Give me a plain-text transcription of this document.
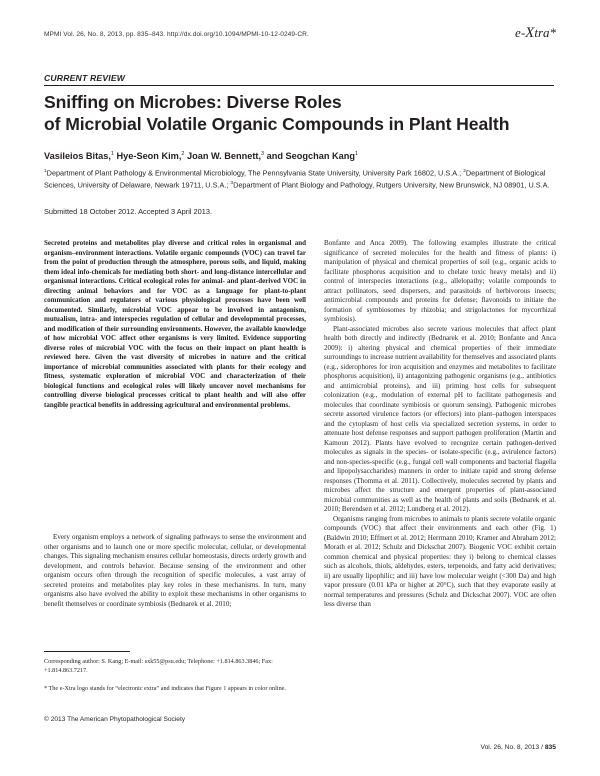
MPMI Vol. 26, No. 8, 2013, pp. 835–843. http://dx.doi.org/10.1094/MPMI-10-12-0249-CR.	e-Xtra*
CURRENT REVIEW
Sniffing on Microbes: Diverse Roles
of Microbial Volatile Organic Compounds in Plant Health
Vasileios Bitas,$^1$ Hye-Seon Kim,$^2$ Joan W. Bennett,$^3$ and Seogchan Kang$^1$
$^1$Department of Plant Pathology & Environmental Microbiology, The Pennsylvania State University, University Park 16802, U.S.A.; $^2$Department of Biological Sciences, University of Delaware, Newark 19711, U.S.A.; $^3$Department of Plant Biology and Pathology, Rutgers University, New Brunswick, NJ 08901, U.S.A.
Submitted 18 October 2012. Accepted 3 April 2013.
Secreted proteins and metabolites play diverse and critical roles in organismal and organism–environment interactions. Volatile organic compounds (VOC) can travel far from the point of production through the atmosphere, porous soils, and liquid, making them ideal info-chemicals for mediating both short- and long-distance intercellular and organismal interactions. Critical ecological roles for animal- and plant-derived VOC in directing animal behaviors and for VOC as a language for plant-to-plant communication and regulators of various physiological processes have been well documented. Similarly, microbial VOC appear to be involved in antagonism, mutualism, intra- and interspecies regulation of cellular and developmental processes, and modification of their surrounding environments. However, the available knowledge of how microbial VOC affect other organisms is very limited. Evidence supporting diverse roles of microbial VOC with the focus on their impact on plant health is reviewed here. Given the vast diversity of microbes in nature and the critical importance of microbial communities associated with plants for their ecology and fitness, systematic exploration of microbial VOC and characterization of their biological functions and ecological roles will likely uncover novel mechanisms for controlling diverse biological processes critical to plant health and will also offer tangible practical benefits in addressing agricultural and environmental problems.

Every organism employs a network of signaling pathways to sense the environment and other organisms and to launch one or more specific molecular, cellular, or developmental changes. This signaling mechanism ensures cellular homeostasis, directs orderly growth and development, and controls behavior. Because sensing of the environment and other organism occurs often through the recognition of specific molecules, a vast array of secreted proteins and metabolites play key roles in these mechanisms. In turn, many organisms also have evolved the ability to exploit these mechanisms in other organisms to benefit themselves or coordinate symbiosis (Bednarek et al. 2010;

Bonfante and Anca 2009). The following examples illustrate the critical significance of secreted molecules for the health and fitness of plants: i) manipulation of physical and chemical properties of soil (e.g., organic acids to facilitate phosphorus acquisition and to chelate toxic heavy metals) and ii) control of interspecies interactions (e.g., allelopathy; volatile compounds to attract pollinators, seed dispersers, and parasitoids of herbivorous insects; antimicrobial compounds and proteins for defense; flavonoids to initiate the formation of symbiosomes by rhizobia; and strigolactones for mycorrhizal symbiosis).

Plant-associated microbes also secrete various molecules that affect plant health both directly and indirectly (Bednarek et al. 2010; Bonfante and Anca 2009): i) altering physical and chemical properties of their immediate surroundings to increase nutrient availability for themselves and associated plants (e.g., siderophores for iron acquisition and enzymes and metabolites to facilitate phosphorus acquisition), ii) antagonizing pathogenic organisms (e.g., antibiotics and antimicrobial proteins), and iii) priming host cells for subsequent colonization (e.g., modulation of external pH to facilitate pathogenesis and molecules that coordinate symbiosis or quorum sensing). Pathogenic microbes secrete assorted virulence factors (or effectors) into plant–pathogen interspaces and the cytoplasm of host cells via specialized secretion systems, in order to attenuate host defense responses and support pathogen proliferation (Martin and Kamoun 2012). Plants have evolved to recognize certain pathogen-derived molecules as signals in the species- or isolate-specific (e.g., avirulence factors) and non-species-specific (e.g., fungal cell wall components and bacterial flagella and lipopolysaccharides) manners in order to initiate rapid and strong defense responses (Thomma et al. 2011). Collectively, molecules secreted by plants and microbes affect the structure and emergent properties of plant-associated microbial communities as well as the health of plants and soils (Bednarek et al. 2010; Berendsen et al. 2012; Lundberg et al. 2012).

Organisms ranging from microbes to animals to plants secrete volatile organic compounds (VOC) that affect their environments and each other (Fig. 1) (Baldwin 2010; Effmert et al. 2012; Herrmann 2010; Kramer and Abraham 2012; Morath et al. 2012; Schulz and Dickschat 2007). Biogenic VOC exhibit certain common chemical and physical properties: they i) belong to chemical classes such as alcohols, thiols, aldehydes, esters, terpenoids, and fatty acid derivatives; ii) are usually lipophilic; and iii) have low molecular weight (<300 Da) and high vapor pressure (0.01 kPa or higher at 20°C), such that they evaporate easily at normal temperatures and pressures (Schulz and Dickschat 2007). VOC are often less diverse than

Corresponding author: S. Kang; E-mail: sxk55@psu.edu; Telephone: +1.814.863.3846; Fax: +1.814.863.7217.
* The e-Xtra logo stands for “electronic extra” and indicates that Figure 1 appears in color online.
© 2013 The American Phytopathological Society
Vol. 26, No. 8, 2013 / 835
